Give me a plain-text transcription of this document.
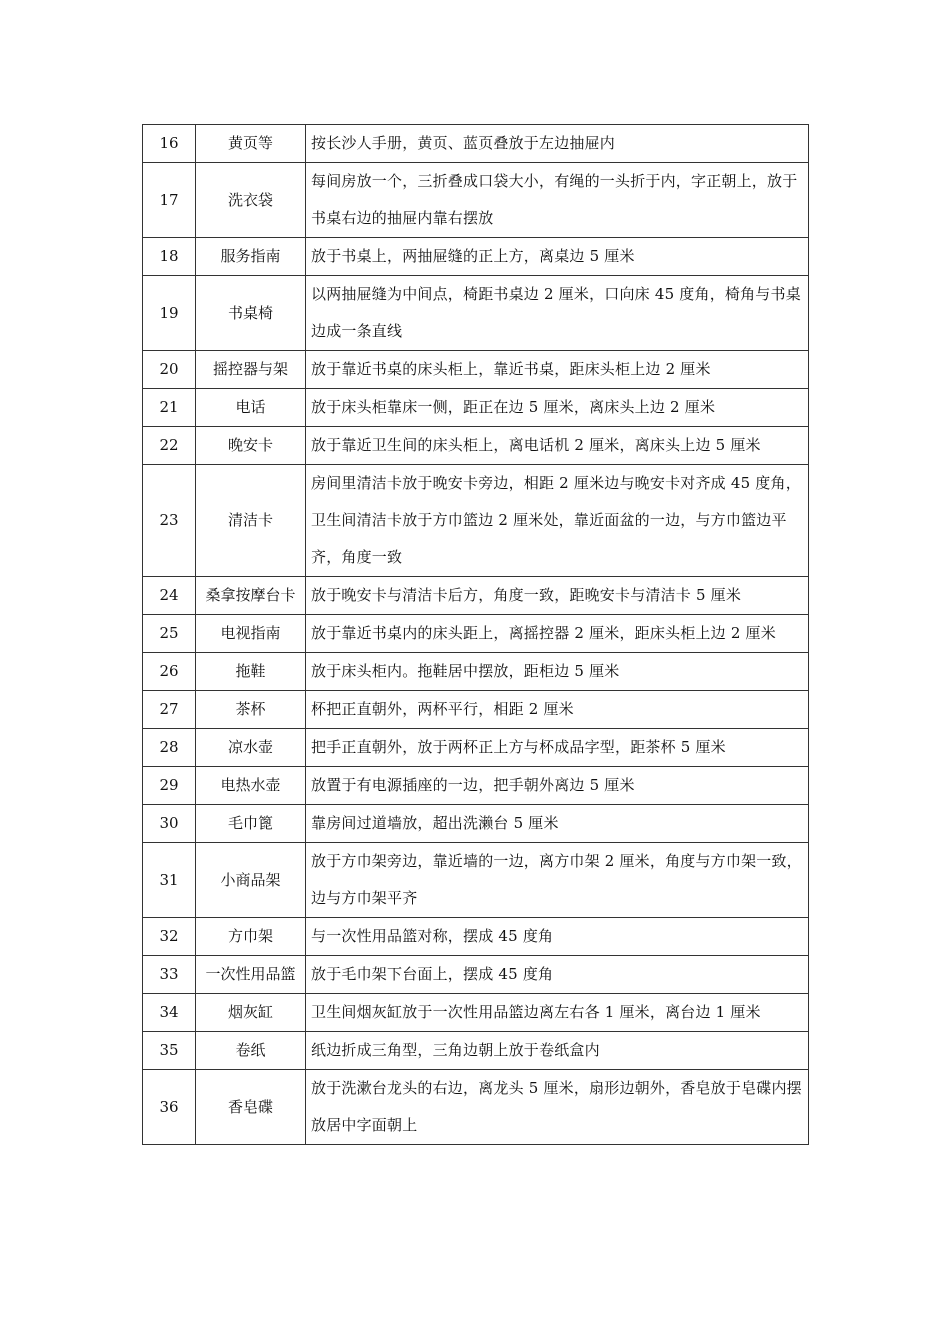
16	黄页等	按长沙人手册，黄页、蓝页叠放于左边抽屉内
17	洗衣袋	每间房放一个，三折叠成口袋大小，有绳的一头折于内，字正朝上，放于书桌右边的抽屉内靠右摆放
18	服务指南	放于书桌上，两抽屉缝的正上方，离桌边 5 厘米
19	书桌椅	以两抽屉缝为中间点，椅距书桌边 2 厘米，口向床 45 度角，椅角与书桌边成一条直线
20	摇控器与架	放于靠近书桌的床头柜上，靠近书桌，距床头柜上边 2 厘米
21	电话	放于床头柜靠床一侧，距正在边 5 厘米，离床头上边 2 厘米
22	晚安卡	放于靠近卫生间的床头柜上，离电话机 2 厘米，离床头上边 5 厘米
23	清洁卡	房间里清洁卡放于晚安卡旁边，相距 2 厘米边与晚安卡对齐成 45 度角，卫生间清洁卡放于方巾篮边 2 厘米处，靠近面盆的一边，与方巾篮边平齐，角度一致
24	桑拿按摩台卡	放于晚安卡与清洁卡后方，角度一致，距晚安卡与清洁卡 5 厘米
25	电视指南	放于靠近书桌内的床头距上，离摇控器 2 厘米，距床头柜上边 2 厘米
26	拖鞋	放于床头柜内。拖鞋居中摆放，距柜边 5 厘米
27	茶杯	杯把正直朝外，两杯平行，相距 2 厘米
28	凉水壶	把手正直朝外，放于两杯正上方与杯成品字型，距茶杯 5 厘米
29	电热水壶	放置于有电源插座的一边，把手朝外离边 5 厘米
30	毛巾篦	靠房间过道墙放，超出洗濑台 5 厘米
31	小商品架	放于方巾架旁边，靠近墙的一边，离方巾架 2 厘米，角度与方巾架一致，边与方巾架平齐
32	方巾架	与一次性用品篮对称，摆成 45 度角
33	一次性用品篮	放于毛巾架下台面上，摆成 45 度角
34	烟灰缸	卫生间烟灰缸放于一次性用品篮边离左右各 1 厘米，离台边 1 厘米
35	卷纸	纸边折成三角型，三角边朝上放于卷纸盒内
36	香皂碟	放于洗漱台龙头的右边，离龙头 5 厘米，扇形边朝外，香皂放于皂碟内摆放居中字面朝上
